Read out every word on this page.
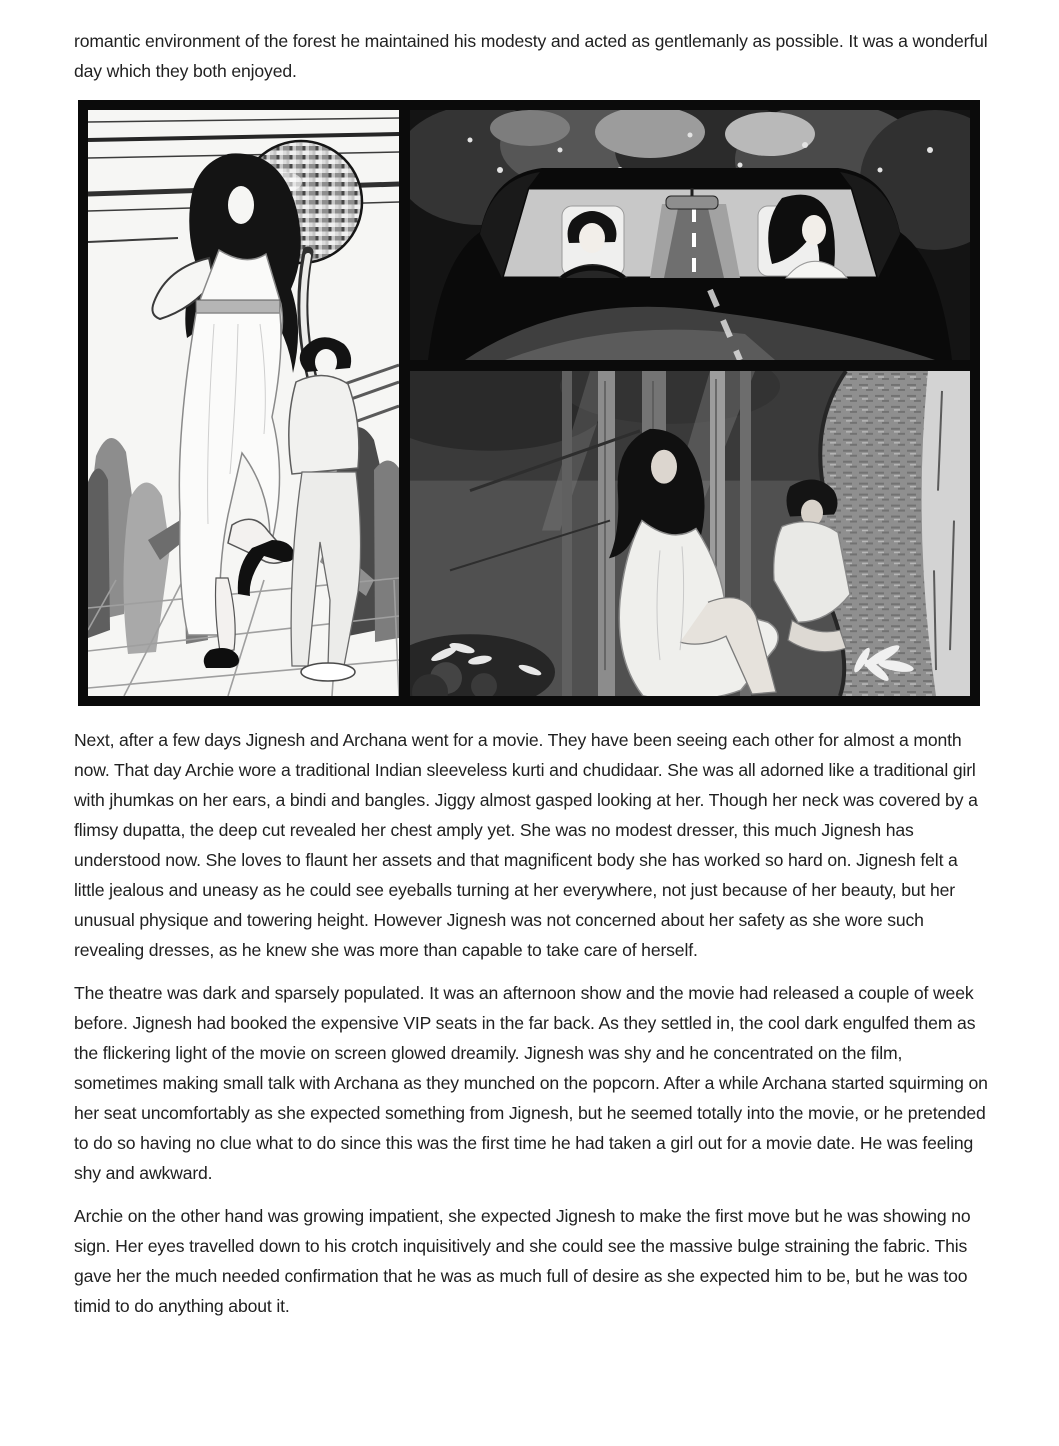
romantic environment of the forest he maintained his modesty and acted as gentlemanly as possible. It was a wonderful day which they both enjoyed.

Next, after a few days Jignesh and Archana went for a movie. They have been seeing each other for almost a month now. That day Archie wore a traditional Indian sleeveless kurti and chudidaar. She was all adorned like a traditional girl with jhumkas on her ears, a bindi and bangles. Jiggy almost gasped looking at her. Though her neck was covered by a flimsy dupatta, the deep cut revealed her chest amply yet. She was no modest dresser, this much Jignesh has understood now. She loves to flaunt her assets and that magnificent body she has worked so hard on. Jignesh felt a little jealous and uneasy as he could see eyeballs turning at her everywhere, not just because of her beauty, but her unusual physique and towering height. However Jignesh was not concerned about her safety as she wore such revealing dresses, as he knew she was more than capable to take care of herself.

The theatre was dark and sparsely populated. It was an afternoon show and the movie had released a couple of week before. Jignesh had booked the expensive VIP seats in the far back. As they settled in, the cool dark engulfed them as the flickering light of the movie on screen glowed dreamily. Jignesh was shy and he concentrated on the film, sometimes making small talk with Archana as they munched on the popcorn. After a while Archana started squirming on her seat uncomfortably as she expected something from Jignesh, but he seemed totally into the movie, or he pretended to do so having no clue what to do since this was the first time he had taken a girl out for a movie date. He was feeling shy and awkward.

Archie on the other hand was growing impatient, she expected Jignesh to make the first move but he was showing no sign. Her eyes travelled down to his crotch inquisitively and she could see the massive bulge straining the fabric. This gave her the much needed confirmation that he was as much full of desire as she expected him to be, but he was too timid to do anything about it.
